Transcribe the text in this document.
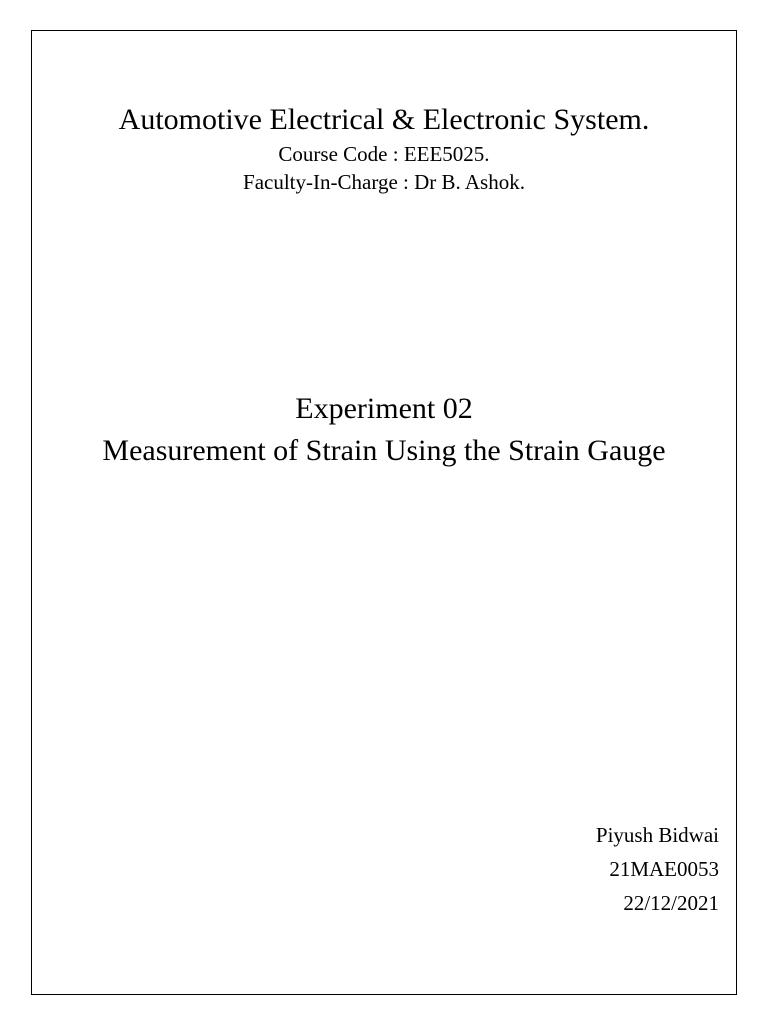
Automotive Electrical & Electronic System.

Course Code : EEE5025.

Faculty-In-Charge : Dr B. Ashok.

Experiment 02
Measurement of Strain Using the Strain Gauge

Piyush Bidwai

21MAE0053

22/12/2021
